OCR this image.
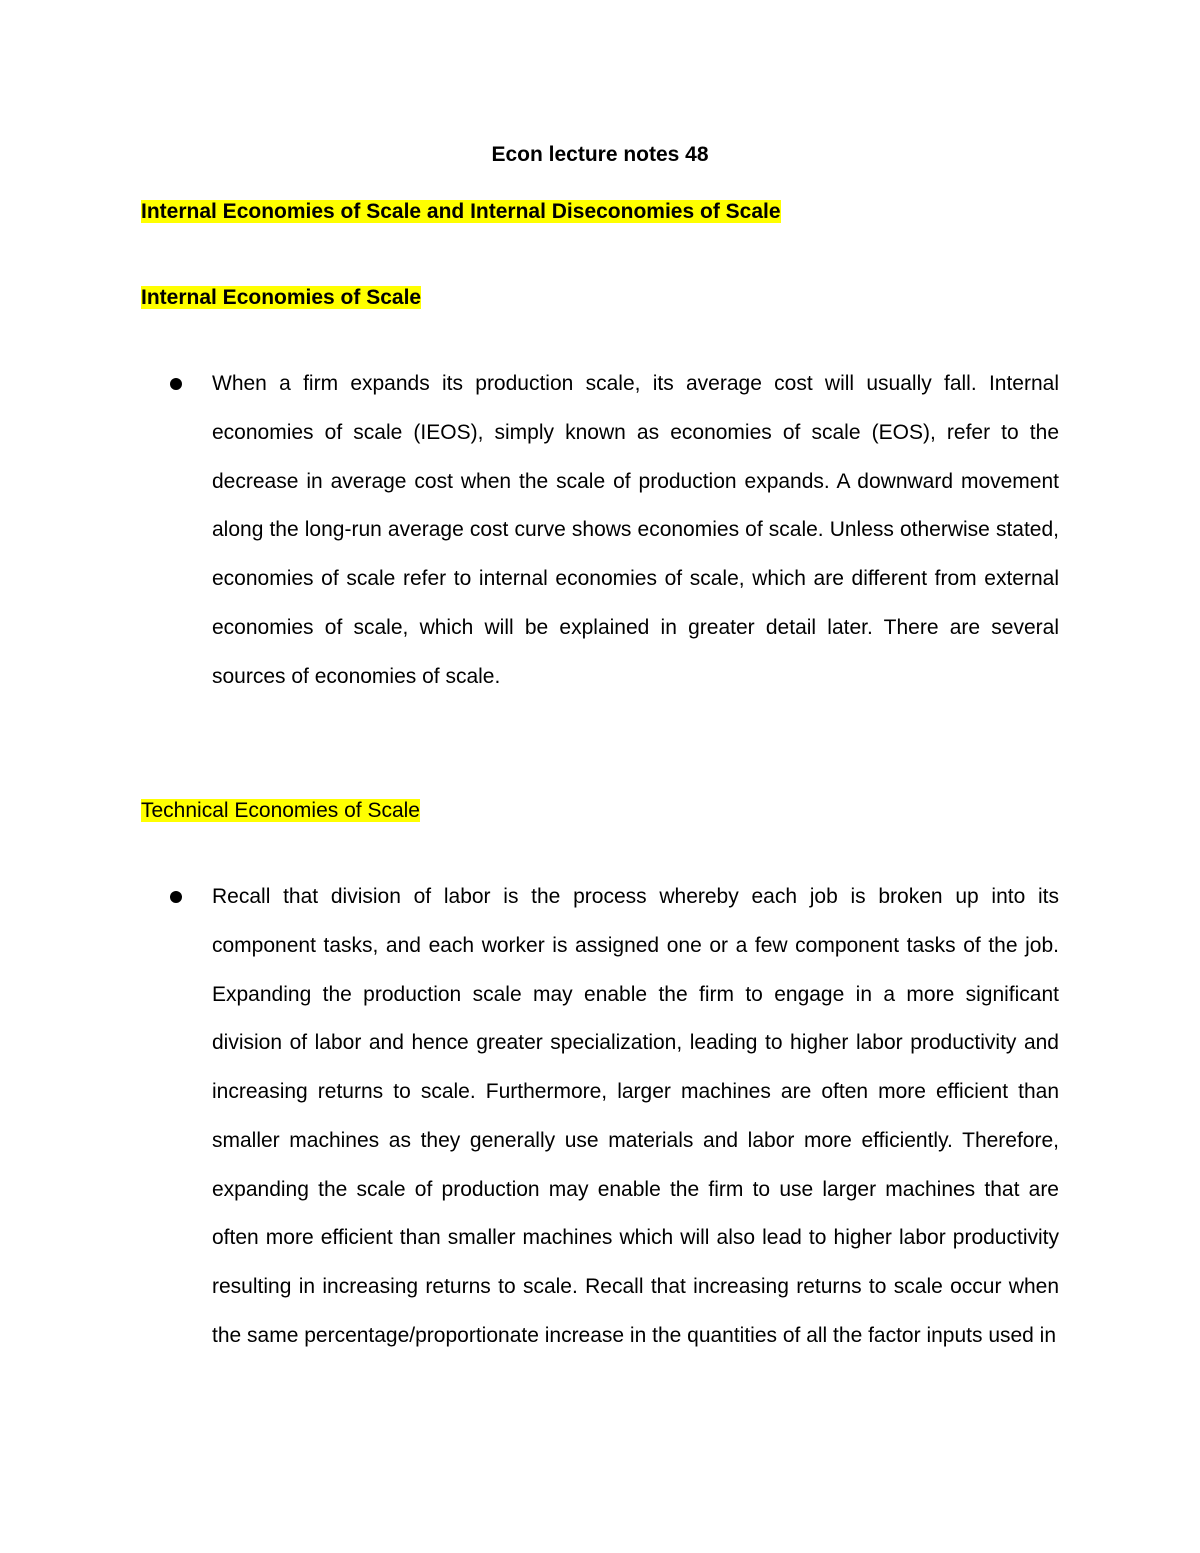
Econ lecture notes 48

Internal Economies of Scale and Internal Diseconomies of Scale

Internal Economies of Scale

When a firm expands its production scale, its average cost will usually fall. Internal economies of scale (IEOS), simply known as economies of scale (EOS), refer to the decrease in average cost when the scale of production expands. A downward movement along the long-run average cost curve shows economies of scale. Unless otherwise stated, economies of scale refer to internal economies of scale, which are different from external economies of scale, which will be explained in greater detail later. There are several sources of economies of scale.

Technical Economies of Scale

Recall that division of labor is the process whereby each job is broken up into its component tasks, and each worker is assigned one or a few component tasks of the job. Expanding the production scale may enable the firm to engage in a more significant division of labor and hence greater specialization, leading to higher labor productivity and increasing returns to scale. Furthermore, larger machines are often more efficient than smaller machines as they generally use materials and labor more efficiently. Therefore, expanding the scale of production may enable the firm to use larger machines that are often more efficient than smaller machines which will also lead to higher labor productivity resulting in increasing returns to scale. Recall that increasing returns to scale occur when the same percentage/proportionate increase in the quantities of all the factor inputs used in
